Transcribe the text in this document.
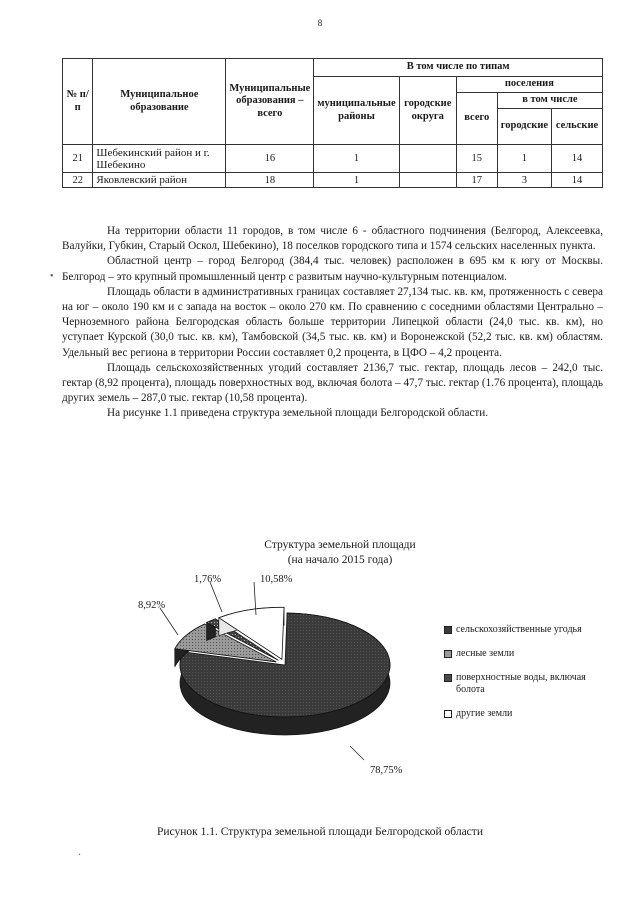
8
№ п/п	Муниципальное образование	Муниципальные образования – всего	В том числе по типам				
			муниципальные районы	городские округа	поселения		
					всего	в том числе	
						городские	сельские
21	Шебекинский район и г. Шебекино	16	1		15	1	14
22	Яковлевский район	18	1		17	3	14

На территории области 11 городов, в том числе 6 - областного подчинения (Белгород, Алексеевка, Валуйки, Губкин, Старый Оскол, Шебекино), 18 поселков городского типа и 1574 сельских населенных пункта.

Областной центр – город Белгород (384,4 тыс. человек) расположен в 695 км к югу от Москвы. Белгород – это крупный промышленный центр с развитым научно-культурным потенциалом.

Площадь области в административных границах составляет 27,134 тыс. кв. км, протяженность с севера на юг – около 190 км и с запада на восток – около 270 км. По сравнению с соседними областями Центрально – Черноземного района Белгородская область больше территории Липецкой области (24,0 тыс. кв. км), но уступает Курской (30,0 тыс. кв. км), Тамбовской (34,5 тыс. кв. км) и Воронежской (52,2 тыс. кв. км) областям. Удельный вес региона в территории России составляет 0,2 процента, в ЦФО – 4,2 процента.

Площадь сельскохозяйственных угодий составляет 2136,7 тыс. гектар, площадь лесов – 242,0 тыс. гектар (8,92 процента), площадь поверхностных вод, включая болота – 47,7 тыс. гектар (1.76 процента), площадь других земель – 287,0 тыс. гектар (10,58 процента).

На рисунке 1.1 приведена структура земельной площади Белгородской области.

Структура земельной площади
(на начало 2015 года)
78,75%
8,92%
1,76%	10,58%
сельскохозяйственные угодья
лесные земли
поверхностные воды, включая болота
другие земли
Рисунок 1.1. Структура земельной площади Белгородской области
•
·
